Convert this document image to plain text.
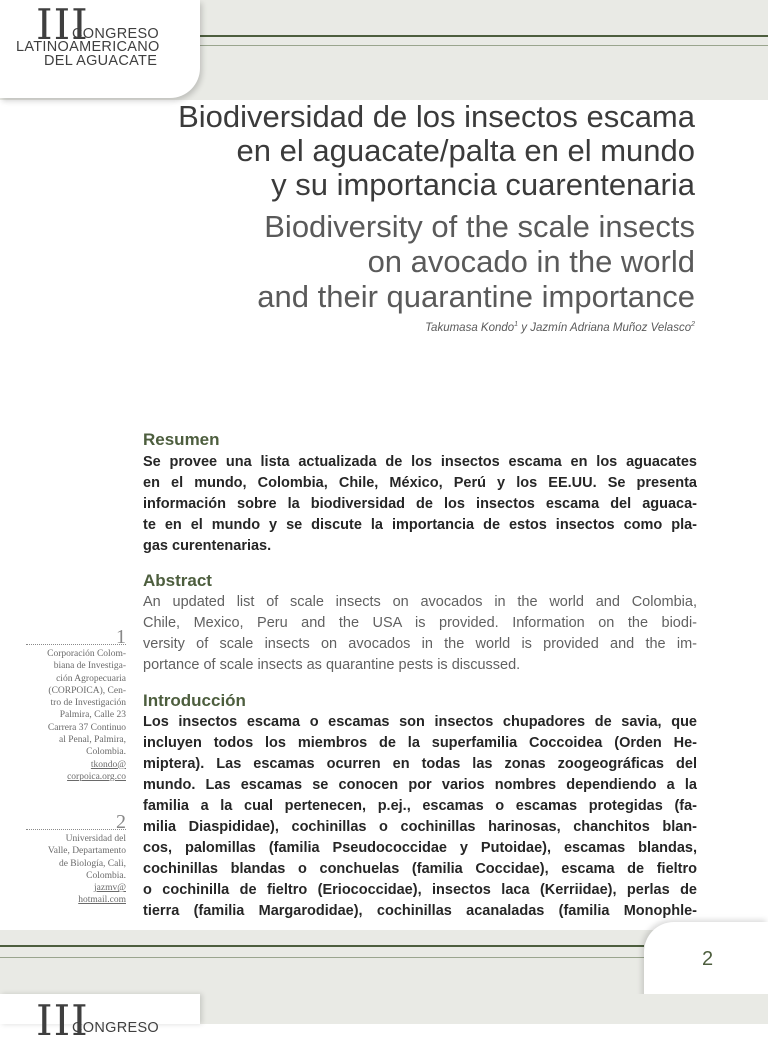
III
CONGRESO
LATINOAMERICANO
DEL AGUACATE
Biodiversidad de los insectos escama
en el aguacate/palta en el mundo
y su importancia cuarentenaria
Biodiversity of the scale insects
on avocado in the world
and their quarantine importance
Takumasa Kondo$^1$ y Jazmín Adriana Muñoz Velasco$^2$
Resumen
Se provee una lista actualizada de los insectos escama en los aguacates
en el mundo, Colombia, Chile, México, Perú y los EE.UU. Se presenta
información sobre la biodiversidad de los insectos escama del aguaca-
te en el mundo y se discute la importancia de estos insectos como pla-
gas curentenarias.
Abstract
An updated list of scale insects on avocados in the world and Colombia,
Chile, Mexico, Peru and the USA is provided. Information on the biodi-
versity of scale insects on avocados in the world is provided and the im-
portance of scale insects as quarantine pests is discussed.
Introducción
Los insectos escama o escamas son insectos chupadores de savia, que
incluyen todos los miembros de la superfamilia Coccoidea (Orden He-
miptera). Las escamas ocurren en todas las zonas zoogeográficas del
mundo. Las escamas se conocen por varios nombres dependiendo a la
familia a la cual pertenecen, p.ej., escamas o escamas protegidas (fa-
milia Diaspididae), cochinillas o cochinillas harinosas, chanchitos blan-
cos, palomillas (familia Pseudococcidae y Putoidae), escamas blandas,
cochinillas blandas o conchuelas (familia Coccidae), escama de fieltro
o cochinilla de fieltro (Eriococcidae), insectos laca (Kerriidae), perlas de
tierra (familia Margarodidae), cochinillas acanaladas (familia Monophle-
1
Corporación Colom-
biana de Investiga-
ción Agropecuaria
(CORPOICA), Cen-
tro de Investigación
Palmira, Calle 23
Carrera 37 Continuo
al Penal, Palmira,
Colombia.
tkondo@
corpoica.org.co
2
Universidad del
Valle, Departamento
de Biología, Cali,
Colombia.
jazmv@
hotmail.com
2
III
CONGRESO
